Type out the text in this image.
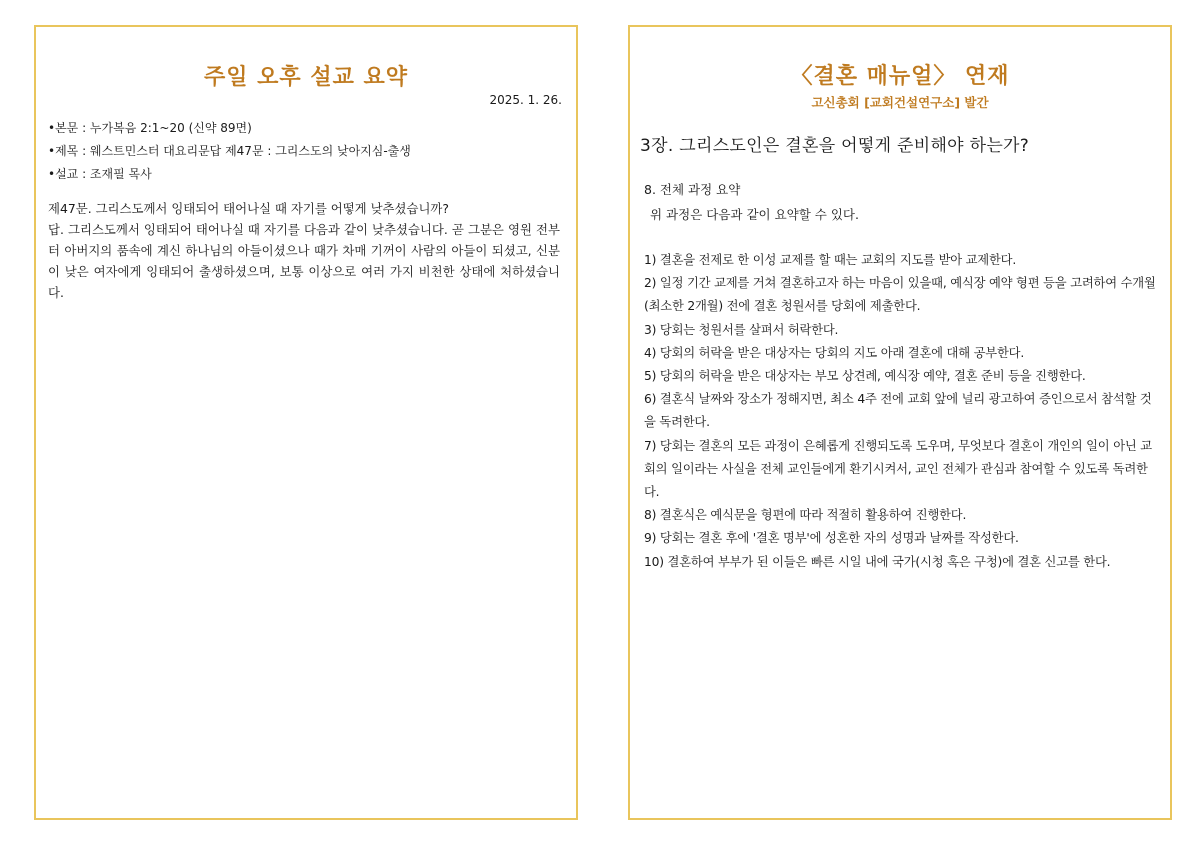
주일 오후 설교 요약
2025. 1. 26.
•본문 : 누가복음 2:1~20 (신약 89면)
•제목 : 웨스트민스터 대요리문답 제47문 : 그리스도의 낮아지심-출생
•설교 : 조재필 목사
제47문. 그리스도께서 잉태되어 태어나실 때 자기를 어떻게 낮추셨습니까?
답. 그리스도께서 잉태되어 태어나실 때 자기를 다음과 같이 낮추셨습니다. 곧 그분은 영원 전부터 아버지의 품속에 계신 하나님의 아들이셨으나 때가 차매 기꺼이 사람의 아들이 되셨고, 신분이 낮은 여자에게 잉태되어 출생하셨으며, 보통 이상으로 여러 가지 비천한 상태에 처하셨습니다.
〈결혼 매뉴얼〉 연재
고신총회 [교회건설연구소] 발간
3장. 그리스도인은 결혼을 어떻게 준비해야 하는가?
8. 전체 과정 요약
위 과정은 다음과 같이 요약할 수 있다.
1) 결혼을 전제로 한 이성 교제를 할 때는 교회의 지도를 받아 교제한다.
2) 일정 기간 교제를 거쳐 결혼하고자 하는 마음이 있을때, 예식장 예약 형편 등을 고려하여 수개월(최소한 2개월) 전에 결혼 청원서를 당회에 제출한다.
3) 당회는 청원서를 살펴서 허락한다.
4) 당회의 허락을 받은 대상자는 당회의 지도 아래 결혼에 대해 공부한다.
5) 당회의 허락을 받은 대상자는 부모 상견례, 예식장 예약, 결혼 준비 등을 진행한다.
6) 결혼식 날짜와 장소가 정해지면, 최소 4주 전에 교회 앞에 널리 광고하여 증인으로서 참석할 것을 독려한다.
7) 당회는 결혼의 모든 과정이 은혜롭게 진행되도록 도우며, 무엇보다 결혼이 개인의 일이 아닌 교회의 일이라는 사실을 전체 교인들에게 환기시켜서, 교인 전체가 관심과 참여할 수 있도록 독려한다.
8) 결혼식은 예식문을 형편에 따라 적절히 활용하여 진행한다.
9) 당회는 결혼 후에 '결혼 명부'에 성혼한 자의 성명과 날짜를 작성한다.
10) 결혼하여 부부가 된 이들은 빠른 시일 내에 국가(시청 혹은 구청)에 결혼 신고를 한다.
